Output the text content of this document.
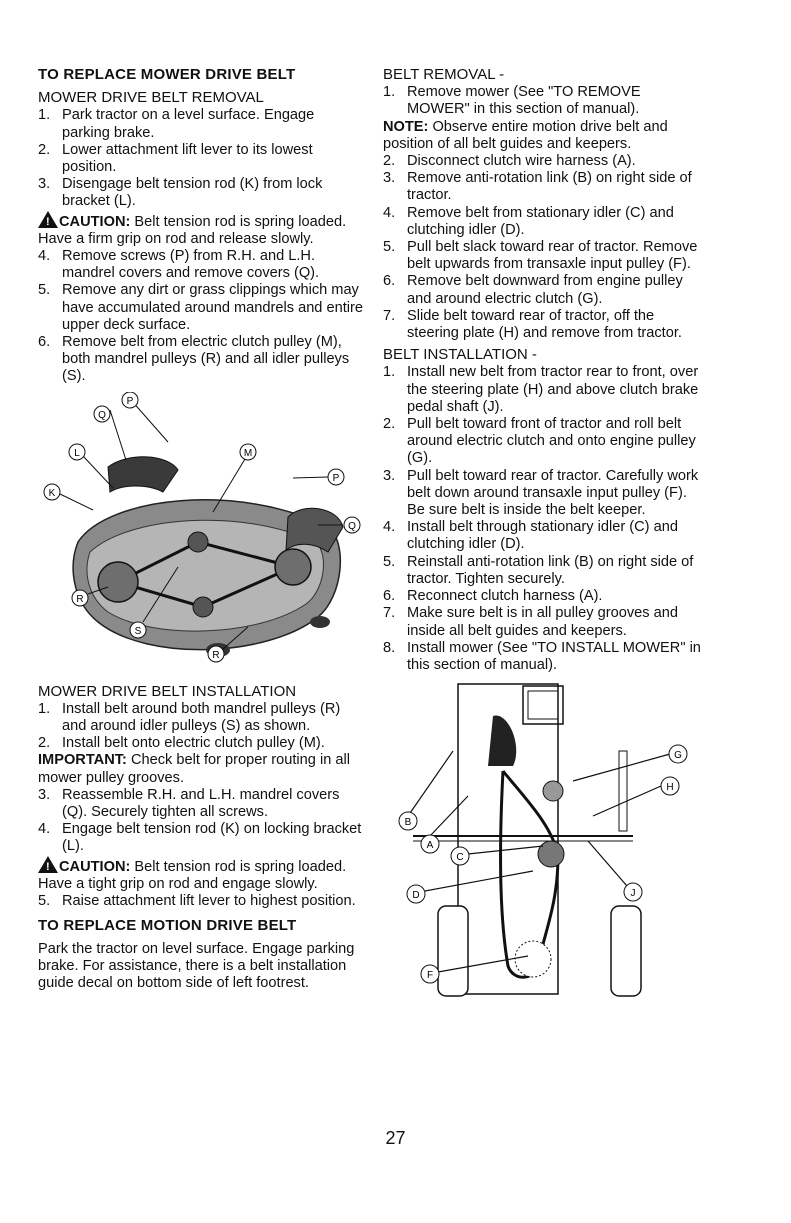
TO REPLACE MOWER DRIVE BELT
MOWER DRIVE BELT REMOVAL
1. Park tractor on a level surface. Engage parking brake.
2. Lower attachment lift lever to its lowest position.
3. Disengage belt tension rod (K) from lock bracket (L).

!CAUTION: Belt tension rod is spring loaded. Have a firm grip on rod and release slowly.

4. Remove screws (P) from R.H. and L.H. mandrel covers and remove covers (Q).
5. Remove any dirt or grass clippings which may have accumulated around mandrels and entire upper deck surface.
6. Remove belt from electric clutch pulley (M), both mandrel pulleys (R) and all idler pulleys (S).
Q
P
L	M
P
K
Q
R
S
R
MOWER DRIVE BELT INSTALLATION
1. Install belt around both mandrel pulleys (R) and around idler pulleys (S) as shown.
2. Install belt onto electric clutch pulley (M).

IMPORTANT: Check belt for proper routing in all mower pulley grooves.

3. Reassemble R.H. and L.H. mandrel covers (Q). Securely tighten all screws.
4. Engage belt tension rod (K) on locking bracket (L).

!CAUTION: Belt tension rod is spring loaded. Have a tight grip on rod and engage slowly.

5. Raise attachment lift lever to highest position.
TO REPLACE MOTION DRIVE BELT

Park the tractor on level surface. Engage parking brake. For assistance, there is a belt installation guide decal on bottom side of left footrest.

BELT REMOVAL -
1. Remove mower (See "TO REMOVE MOWER" in this section of manual).

NOTE: Observe entire motion drive belt and position of all belt guides and keepers.

2. Disconnect clutch wire harness (A).
3. Remove anti-rotation link (B) on right side of tractor.
4. Remove belt from stationary idler (C) and clutching idler (D).
5. Pull belt slack toward rear of tractor. Remove belt upwards from transaxle input pulley (F).
6. Remove belt downward from engine pulley and around electric clutch (G).
7. Slide belt toward rear of tractor, off the steering plate (H) and remove from tractor.
BELT INSTALLATION -
1. Install new belt from tractor rear to front, over the steering plate (H) and above clutch brake pedal shaft (J).
2. Pull belt toward front of tractor and roll belt around electric clutch and onto engine pulley (G).
3. Pull belt toward rear of tractor. Carefully work belt down around transaxle input pulley (F). Be sure belt is inside the belt keeper.
4. Install belt through stationary idler (C) and clutching idler (D).
5. Reinstall anti-rotation link (B) on right side of tractor. Tighten securely.
6. Reconnect clutch harness (A).
7. Make sure belt is in all pulley grooves and inside all belt guides and keepers.
8. Install mower (See "TO INSTALL MOWER" in this section of manual).
G
H
B
A
C
D	J
F
27
